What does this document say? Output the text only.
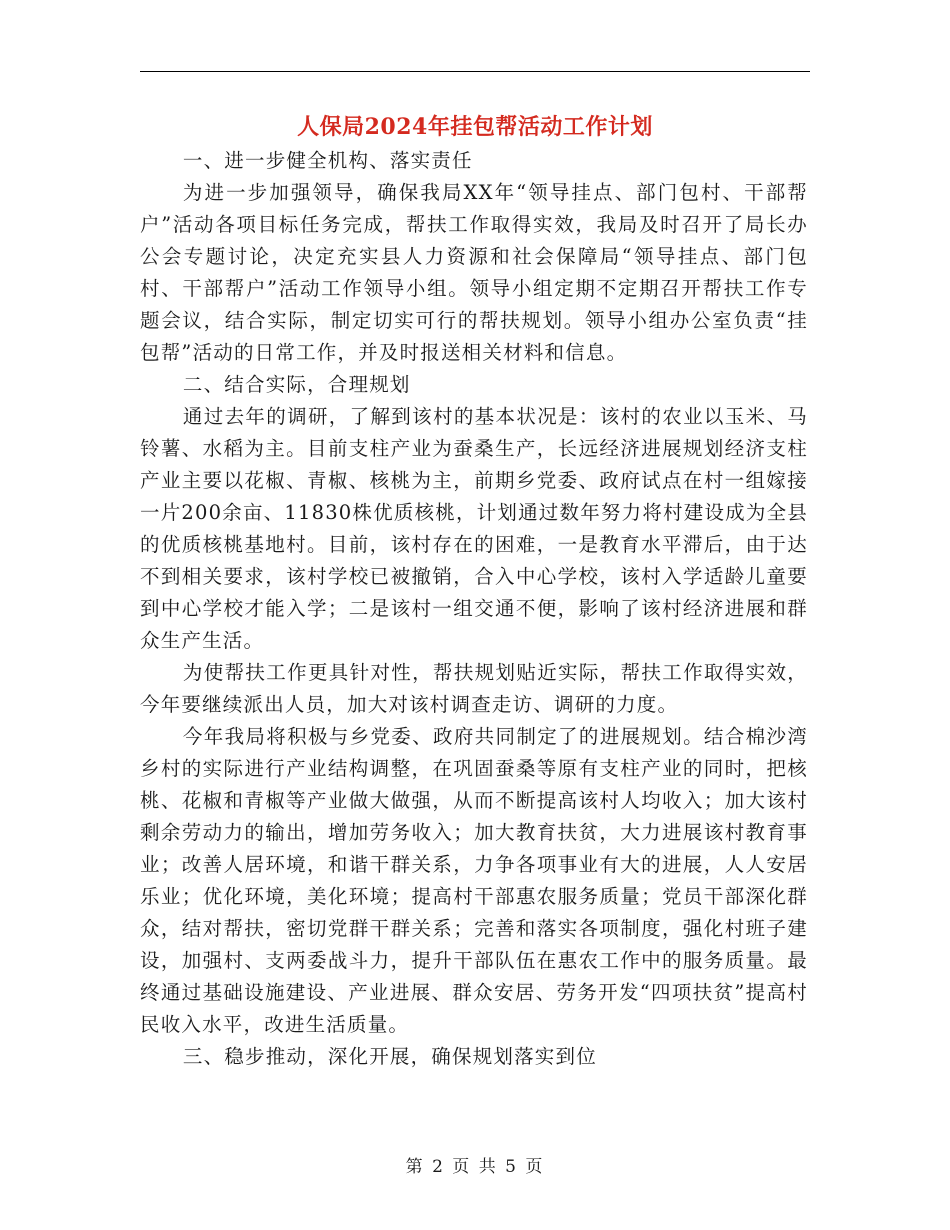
人保局2024年挂包帮活动工作计划

一、进一步健全机构、落实责任

为进一步加强领导，确保我局XX年“领导挂点、部门包村、干部帮户”活动各项目标任务完成，帮扶工作取得实效，我局及时召开了局长办公会专题讨论，决定充实县人力资源和社会保障局“领导挂点、部门包村、干部帮户”活动工作领导小组。领导小组定期不定期召开帮扶工作专题会议，结合实际，制定切实可行的帮扶规划。领导小组办公室负责“挂包帮”活动的日常工作，并及时报送相关材料和信息。

二、结合实际，合理规划

通过去年的调研，了解到该村的基本状况是：该村的农业以玉米、马铃薯、水稻为主。目前支柱产业为蚕桑生产，长远经济进展规划经济支柱产业主要以花椒、青椒、核桃为主，前期乡党委、政府试点在村一组嫁接一片200余亩、11830株优质核桃，计划通过数年努力将村建设成为全县的优质核桃基地村。目前，该村存在的困难，一是教育水平滞后，由于达不到相关要求，该村学校已被撤销，合入中心学校，该村入学适龄儿童要到中心学校才能入学；二是该村一组交通不便，影响了该村经济进展和群众生产生活。

为使帮扶工作更具针对性，帮扶规划贴近实际，帮扶工作取得实效，今年要继续派出人员，加大对该村调查走访、调研的力度。

今年我局将积极与乡党委、政府共同制定了的进展规划。结合棉沙湾乡村的实际进行产业结构调整，在巩固蚕桑等原有支柱产业的同时，把核桃、花椒和青椒等产业做大做强，从而不断提高该村人均收入；加大该村剩余劳动力的输出，增加劳务收入；加大教育扶贫，大力进展该村教育事业；改善人居环境，和谐干群关系，力争各项事业有大的进展，人人安居乐业；优化环境，美化环境；提高村干部惠农服务质量；党员干部深化群众，结对帮扶，密切党群干群关系；完善和落实各项制度，强化村班子建设，加强村、支两委战斗力，提升干部队伍在惠农工作中的服务质量。最终通过基础设施建设、产业进展、群众安居、劳务开发“四项扶贫”提高村民收入水平，改进生活质量。

三、稳步推动，深化开展，确保规划落实到位

第 2 页 共 5 页
